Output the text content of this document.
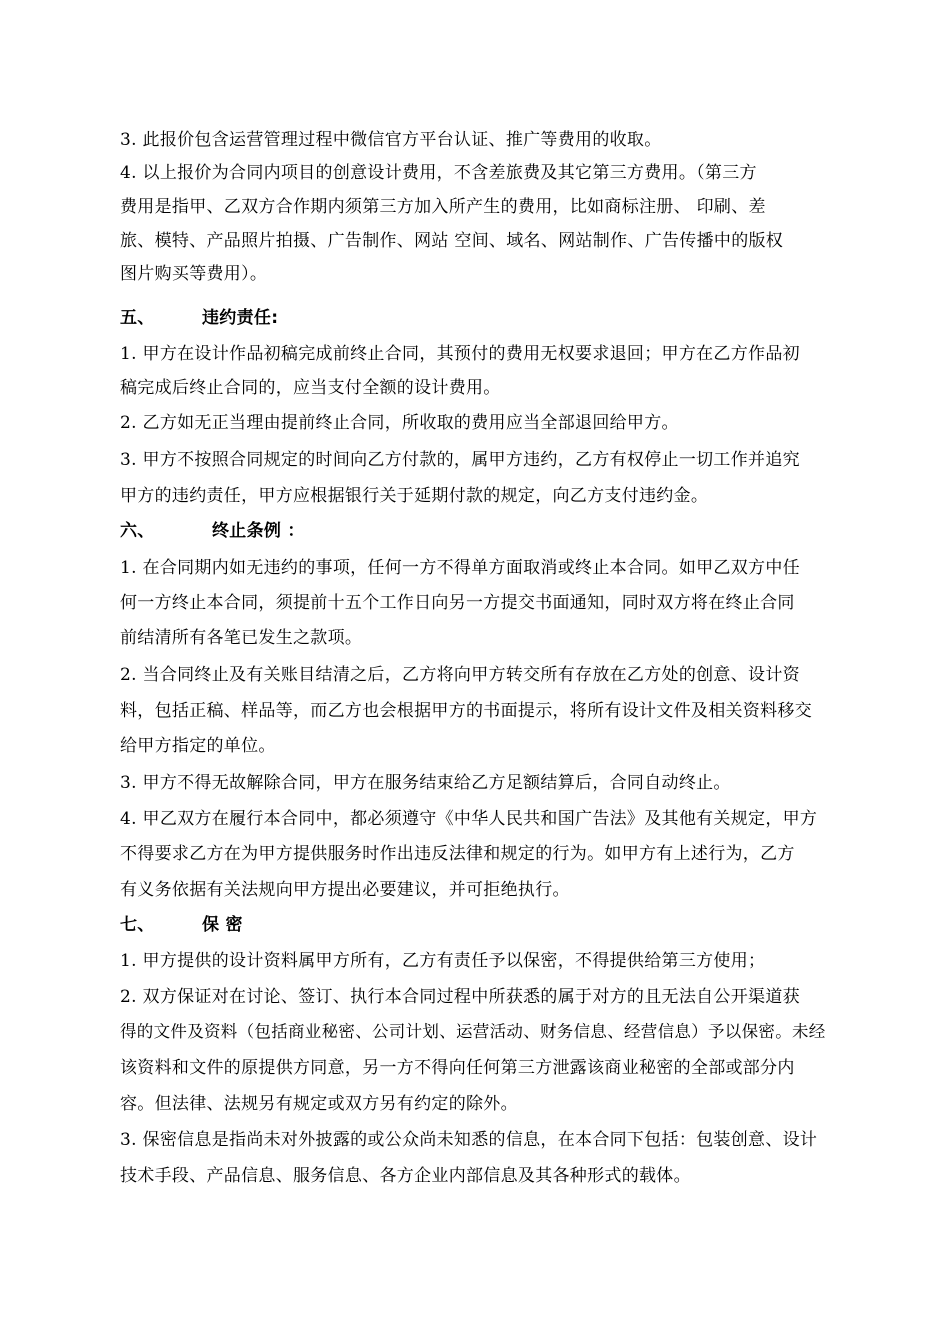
3. 此报价包含运营管理过程中微信官方平台认证、推广等费用的收取。
4. 以上报价为合同内项目的创意设计费用，不含差旅费及其它第三方费用。（第三方
费用是指甲、乙双方合作期内须第三方加入所产生的费用，比如商标注册、 印刷、差
旅、模特、产品照片拍摄、广告制作、网站 空间、域名、网站制作、广告传播中的版权
图片购买等费用）。
五、	违约责任:
1. 甲方在设计作品初稿完成前终止合同，其预付的费用无权要求退回；甲方在乙方作品初
稿完成后终止合同的，应当支付全额的设计费用。
2. 乙方如无正当理由提前终止合同，所收取的费用应当全部退回给甲方。
3. 甲方不按照合同规定的时间向乙方付款的，属甲方违约，乙方有权停止一切工作并追究
甲方的违约责任，甲方应根据银行关于延期付款的规定，向乙方支付违约金。
六、	终止条例 ：
1. 在合同期内如无违约的事项，任何一方不得单方面取消或终止本合同。如甲乙双方中任
何一方终止本合同，须提前十五个工作日向另一方提交书面通知，同时双方将在终止合同
前结清所有各笔已发生之款项。
2. 当合同终止及有关账目结清之后，乙方将向甲方转交所有存放在乙方处的创意、设计资
料，包括正稿、样品等，而乙方也会根据甲方的书面提示，将所有设计文件及相关资料移交
给甲方指定的单位。
3. 甲方不得无故解除合同，甲方在服务结束给乙方足额结算后，合同自动终止。
4. 甲乙双方在履行本合同中，都必须遵守《中华人民共和国广告法》及其他有关规定，甲方
不得要求乙方在为甲方提供服务时作出违反法律和规定的行为。如甲方有上述行为，乙方
有义务依据有关法规向甲方提出必要建议，并可拒绝执行。
七、	保 密
1. 甲方提供的设计资料属甲方所有，乙方有责任予以保密，不得提供给第三方使用；
2. 双方保证对在讨论、签订、执行本合同过程中所获悉的属于对方的且无法自公开渠道获
得的文件及资料（包括商业秘密、公司计划、运营活动、财务信息、经营信息）予以保密。未经
该资料和文件的原提供方同意，另一方不得向任何第三方泄露该商业秘密的全部或部分内
容。但法律、法规另有规定或双方另有约定的除外。
3. 保密信息是指尚未对外披露的或公众尚未知悉的信息，在本合同下包括：包装创意、设计
技术手段、产品信息、服务信息、各方企业内部信息及其各种形式的载体。
